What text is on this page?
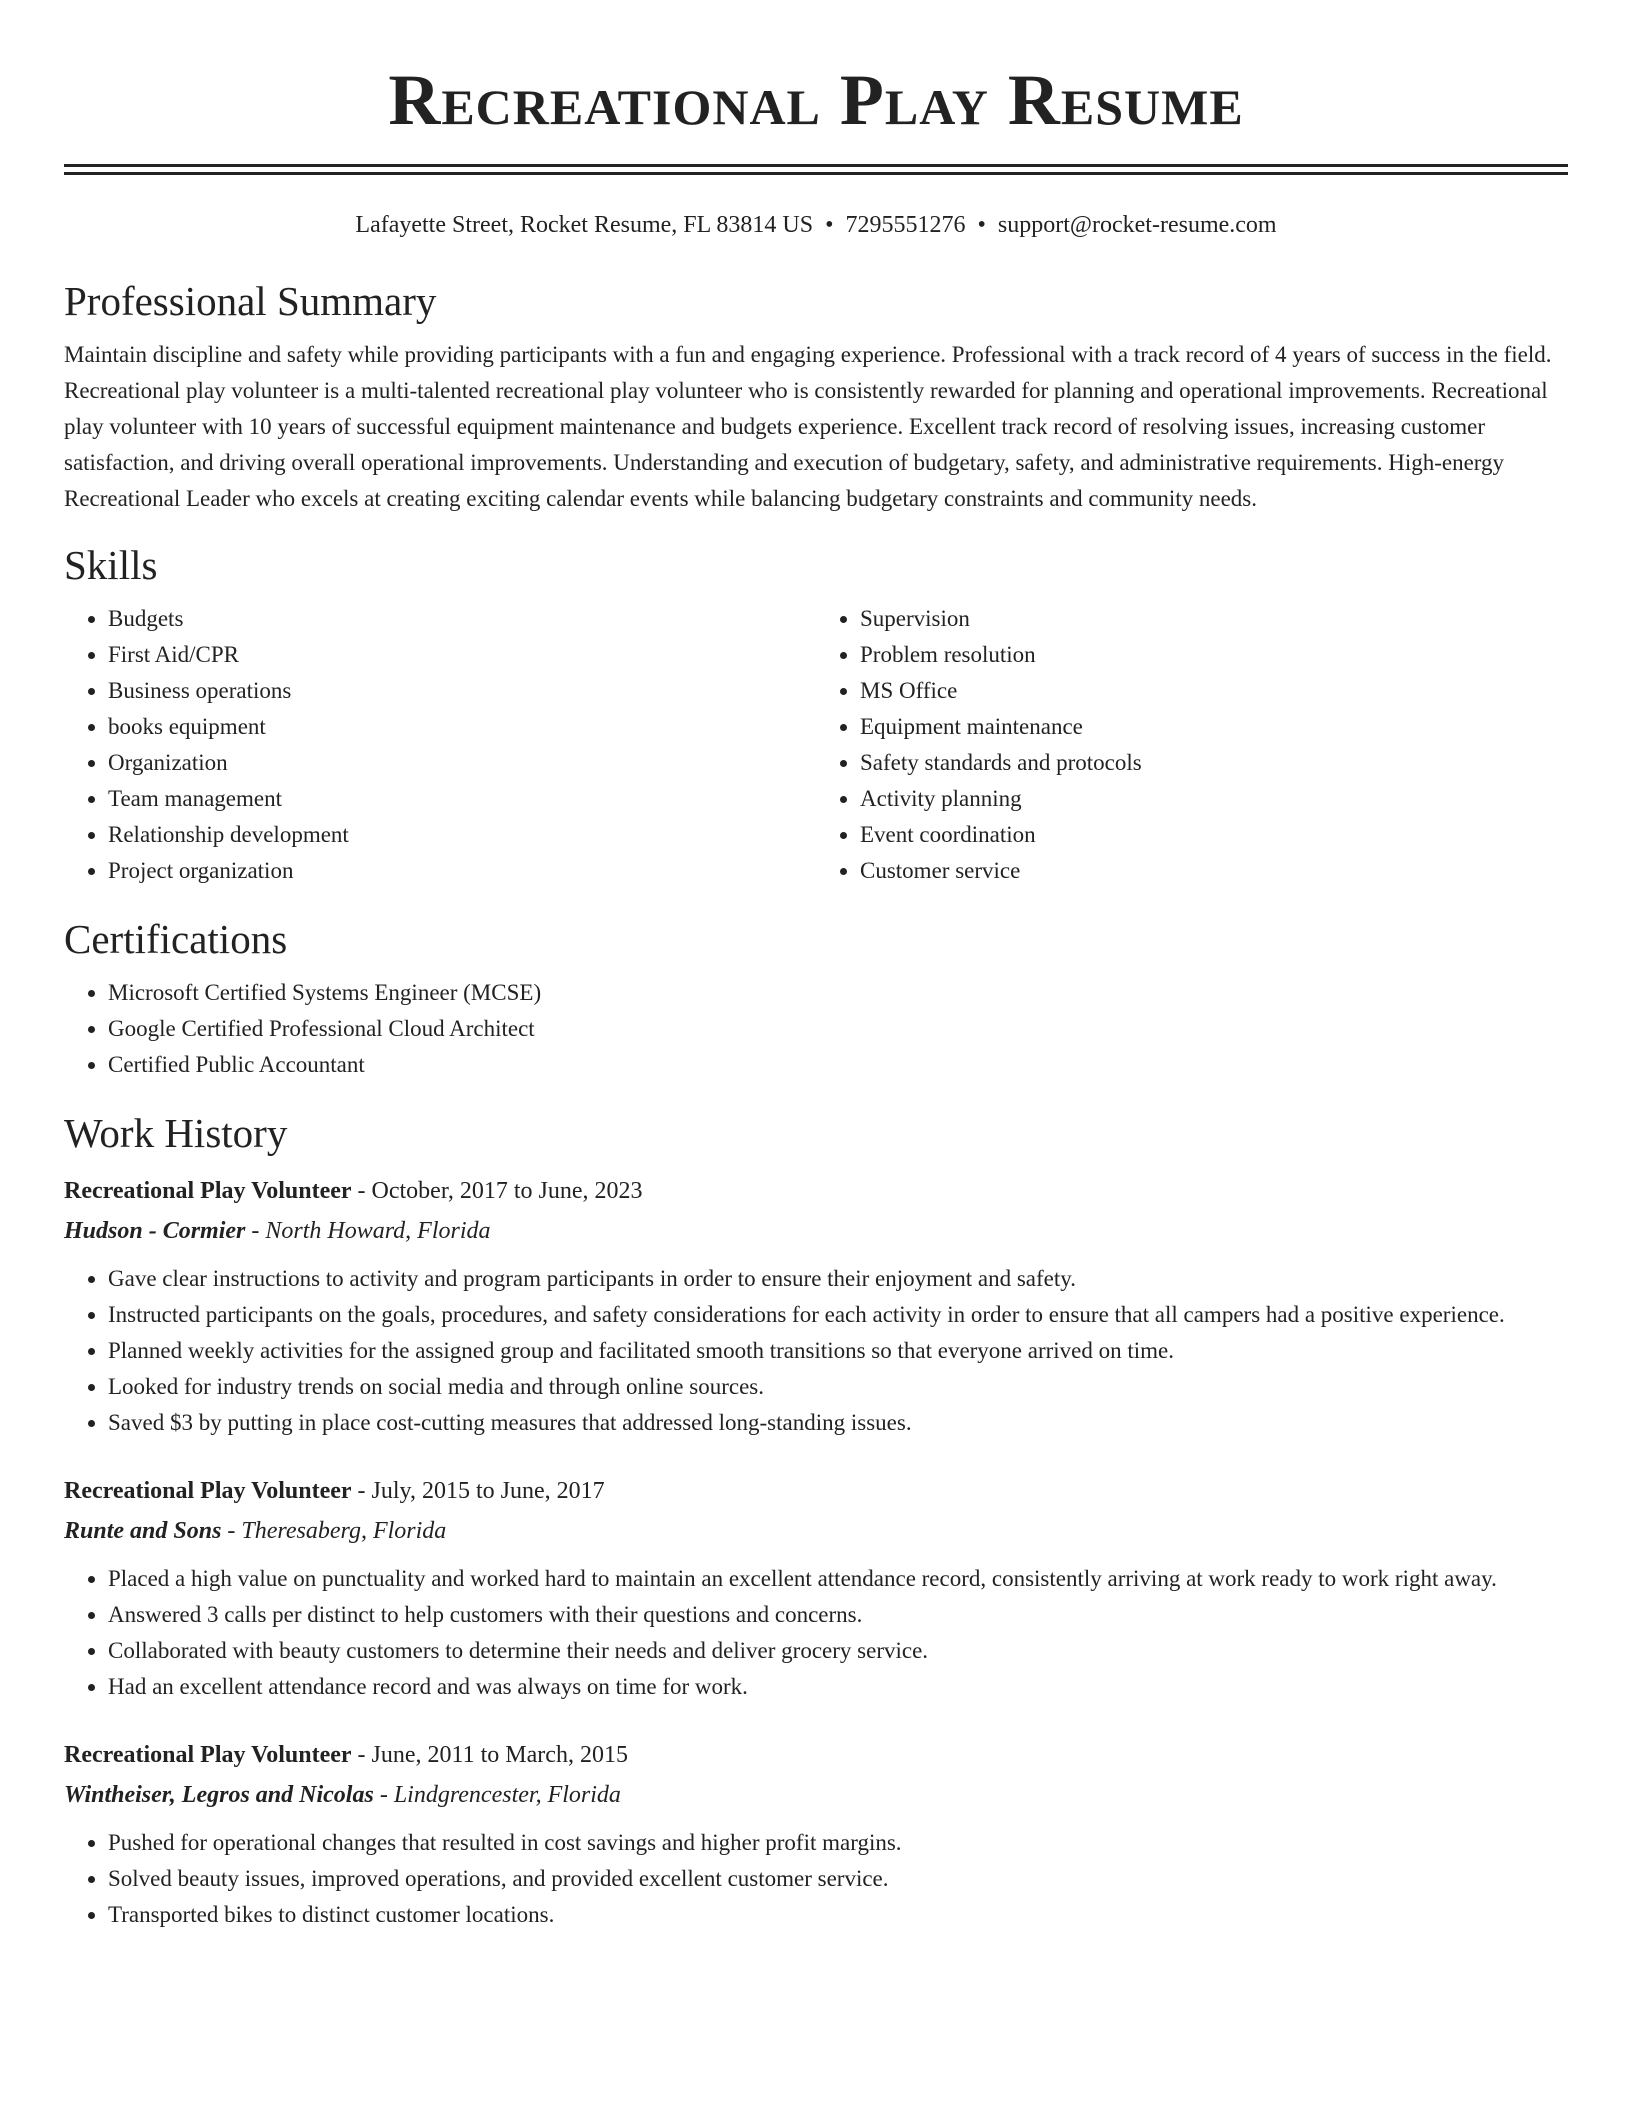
Recreational Play Resume
Lafayette Street, Rocket Resume, FL 83814 US • 7295551276 • support@rocket-resume.com
Professional Summary

Maintain discipline and safety while providing participants with a fun and engaging experience. Professional with a track record of 4 years of success in the field. Recreational play volunteer is a multi-talented recreational play volunteer who is consistently rewarded for planning and operational improvements. Recreational play volunteer with 10 years of successful equipment maintenance and budgets experience. Excellent track record of resolving issues, increasing customer satisfaction, and driving overall operational improvements. Understanding and execution of budgetary, safety, and administrative requirements. High-energy Recreational Leader who excels at creating exciting calendar events while balancing budgetary constraints and community needs.

Skills
• Budgets
• First Aid/CPR
• Business operations
• books equipment
• Organization
• Team management
• Relationship development
• Project organization
• Supervision
• Problem resolution
• MS Office
• Equipment maintenance
• Safety standards and protocols
• Activity planning
• Event coordination
• Customer service
Certifications
• Microsoft Certified Systems Engineer (MCSE)
• Google Certified Professional Cloud Architect
• Certified Public Accountant
Work History
Recreational Play Volunteer - October, 2017 to June, 2023
Hudson - Cormier - North Howard, Florida
• Gave clear instructions to activity and program participants in order to ensure their enjoyment and safety.
• Instructed participants on the goals, procedures, and safety considerations for each activity in order to ensure that all campers had a positive experience.
• Planned weekly activities for the assigned group and facilitated smooth transitions so that everyone arrived on time.
• Looked for industry trends on social media and through online sources.
• Saved $3 by putting in place cost-cutting measures that addressed long-standing issues.
Recreational Play Volunteer - July, 2015 to June, 2017
Runte and Sons - Theresaberg, Florida
• Placed a high value on punctuality and worked hard to maintain an excellent attendance record, consistently arriving at work ready to work right away.
• Answered 3 calls per distinct to help customers with their questions and concerns.
• Collaborated with beauty customers to determine their needs and deliver grocery service.
• Had an excellent attendance record and was always on time for work.
Recreational Play Volunteer - June, 2011 to March, 2015
Wintheiser, Legros and Nicolas - Lindgrencester, Florida
• Pushed for operational changes that resulted in cost savings and higher profit margins.
• Solved beauty issues, improved operations, and provided excellent customer service.
• Transported bikes to distinct customer locations.
